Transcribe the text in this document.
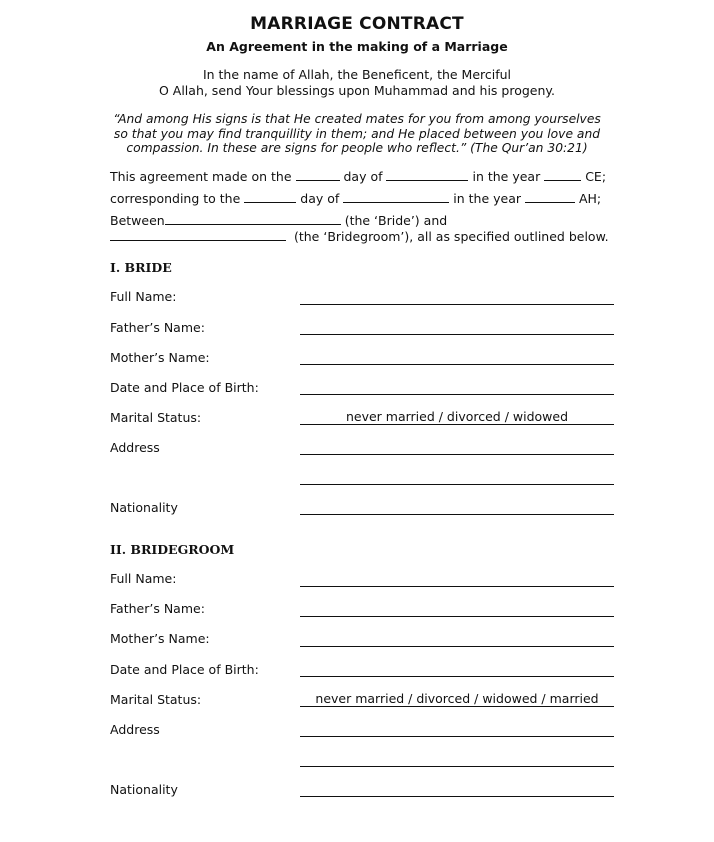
MARRIAGE CONTRACT
An Agreement in the making of a Marriage
In the name of Allah, the Beneficent, the Merciful
O Allah, send Your blessings upon Muhammad and his progeny.
“And among His signs is that He created mates for you from among yourselves
so that you may find tranquillity in them; and He placed between you love and
compassion. In these are signs for people who reflect.” (The Qur’an 30:21)
This agreement made on the	day of	in the year	CE;
corresponding to the	day of	in the year	AH;
Between	(the ‘Bride’) and
(the ‘Bridegroom’), all as specified outlined below.
I. BRIDE
Full Name:
Father’s Name:
Mother’s Name:
Date and Place of Birth:
Marital Status:	never married / divorced / widowed
Address
Nationality
II. BRIDEGROOM
Full Name:
Father’s Name:
Mother’s Name:
Date and Place of Birth:
Marital Status:	never married / divorced / widowed / married
Address
Nationality
